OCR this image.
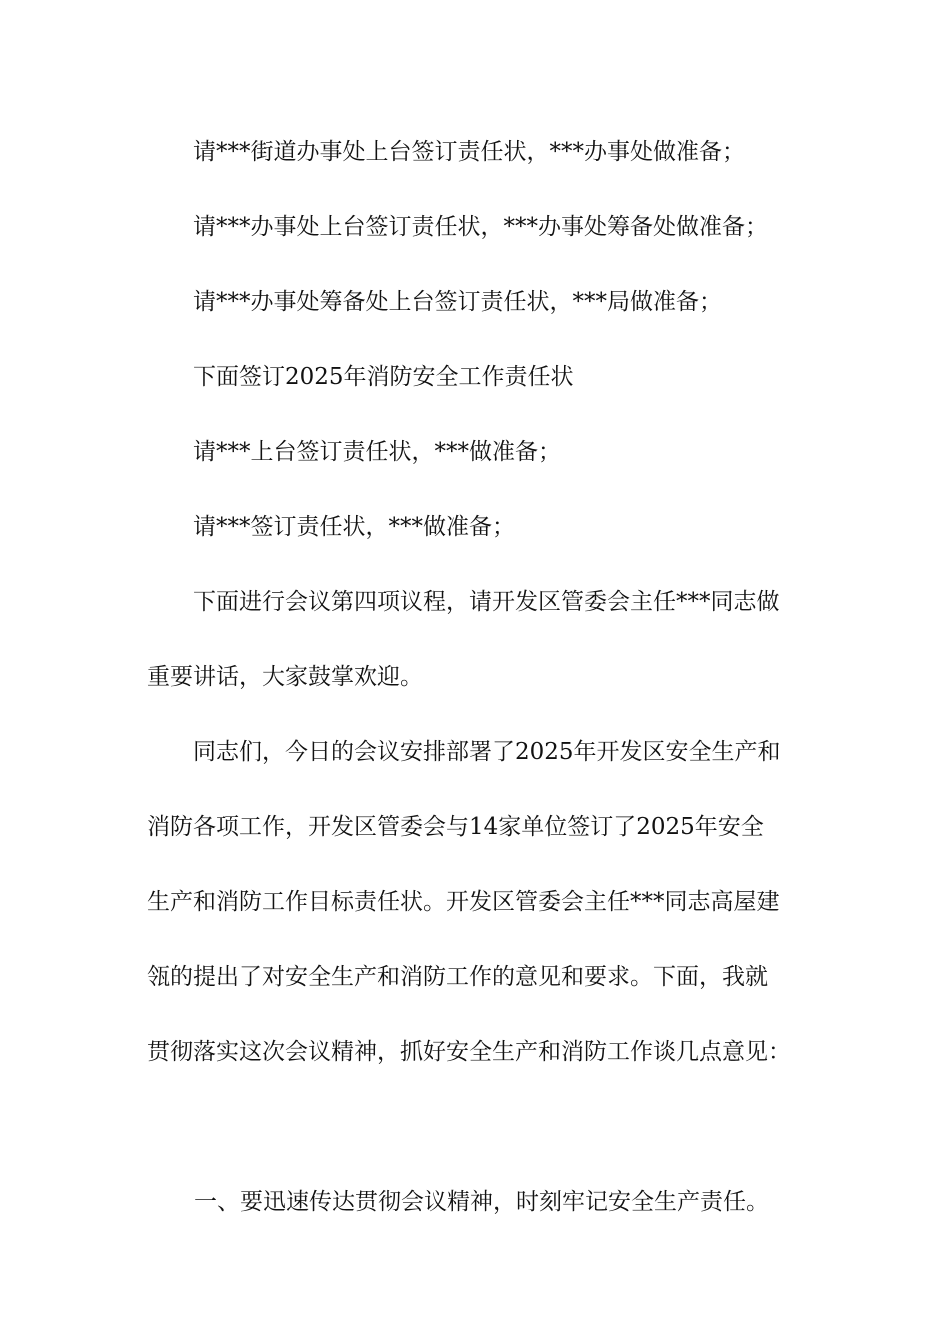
请***街道办事处上台签订责任状，***办事处做准备；
请***办事处上台签订责任状，***办事处筹备处做准备；
请***办事处筹备处上台签订责任状，***局做准备；
下面签订2025年消防安全工作责任状
请***上台签订责任状，***做准备；
请***签订责任状，***做准备；
下面进行会议第四项议程，请开发区管委会主任***同志做
重要讲话，大家鼓掌欢迎。
同志们，今日的会议安排部署了2025年开发区安全生产和
消防各项工作，开发区管委会与14家单位签订了2025年安全
生产和消防工作目标责任状。开发区管委会主任***同志高屋建
瓴的提出了对安全生产和消防工作的意见和要求。下面，我就
贯彻落实这次会议精神，抓好安全生产和消防工作谈几点意见：
一、要迅速传达贯彻会议精神，时刻牢记安全生产责任。
